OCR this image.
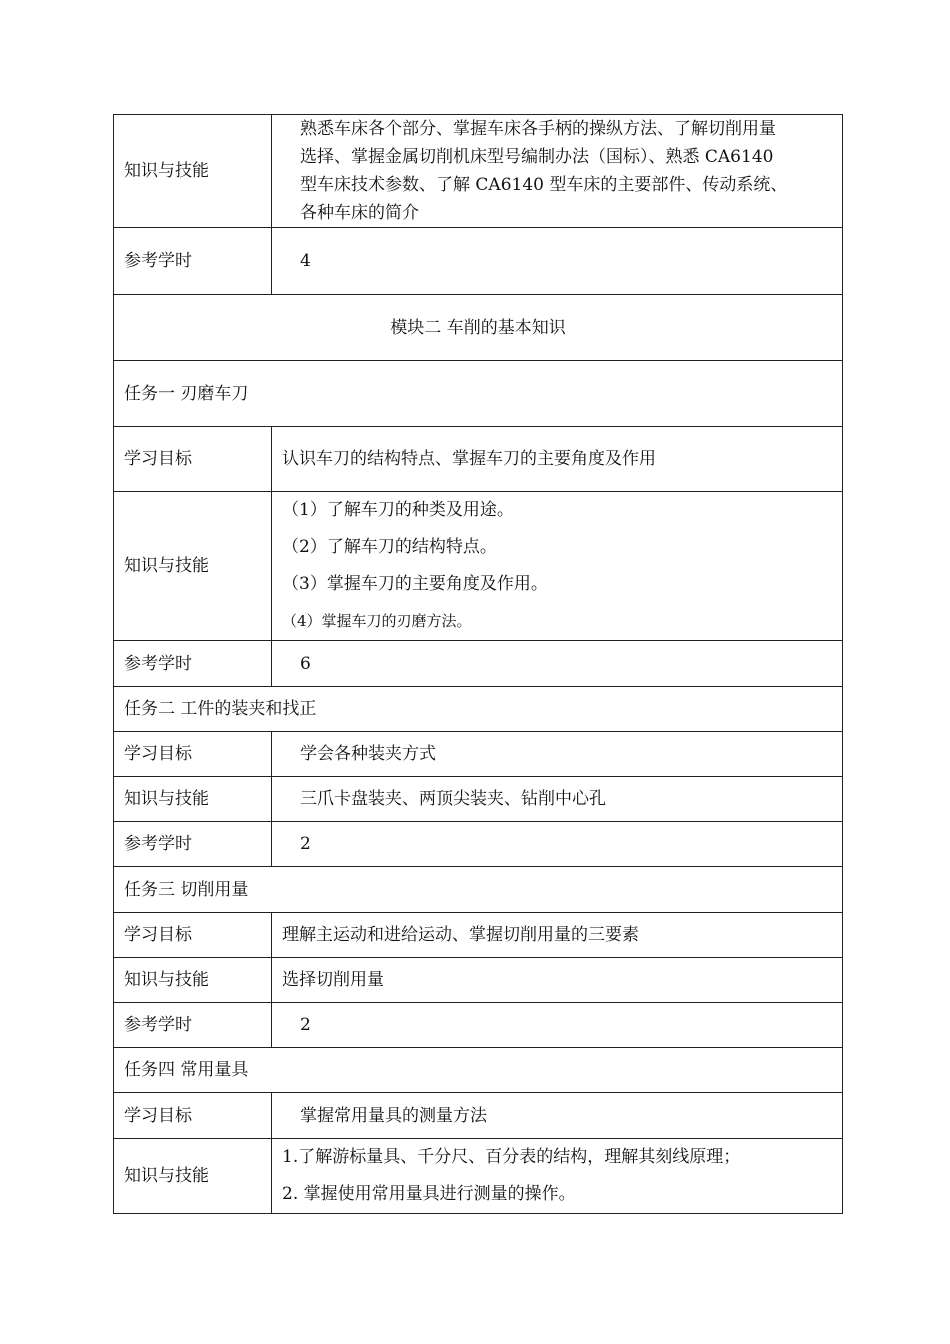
知识与技能	熟悉车床各个部分、掌握车床各手柄的操纵方法、了解切削用量
选择、掌握金属切削机床型号编制办法（国标）、熟悉 CA6140
型车床技术参数、了解 CA6140 型车床的主要部件、传动系统、
各种车床的简介

参考学时	4
模块二 车削的基本知识	
任务一 刃磨车刀	
学习目标	认识车刀的结构特点、掌握车刀的主要角度及作用
知识与技能	（1）了解车刀的种类及用途。
（2）了解车刀的结构特点。
（3）掌握车刀的主要角度及作用。
（4）掌握车刀的刃磨方法。

参考学时	6
任务二 工件的装夹和找正	
学习目标	学会各种装夹方式
知识与技能	三爪卡盘装夹、两顶尖装夹、钻削中心孔
参考学时	2
任务三 切削用量	
学习目标	理解主运动和进给运动、掌握切削用量的三要素
知识与技能	选择切削用量
参考学时	2
任务四 常用量具	
学习目标	掌握常用量具的测量方法
知识与技能	1.了解游标量具、千分尺、百分表的结构，理解其刻线原理；
2. 掌握使用常用量具进行测量的操作。
